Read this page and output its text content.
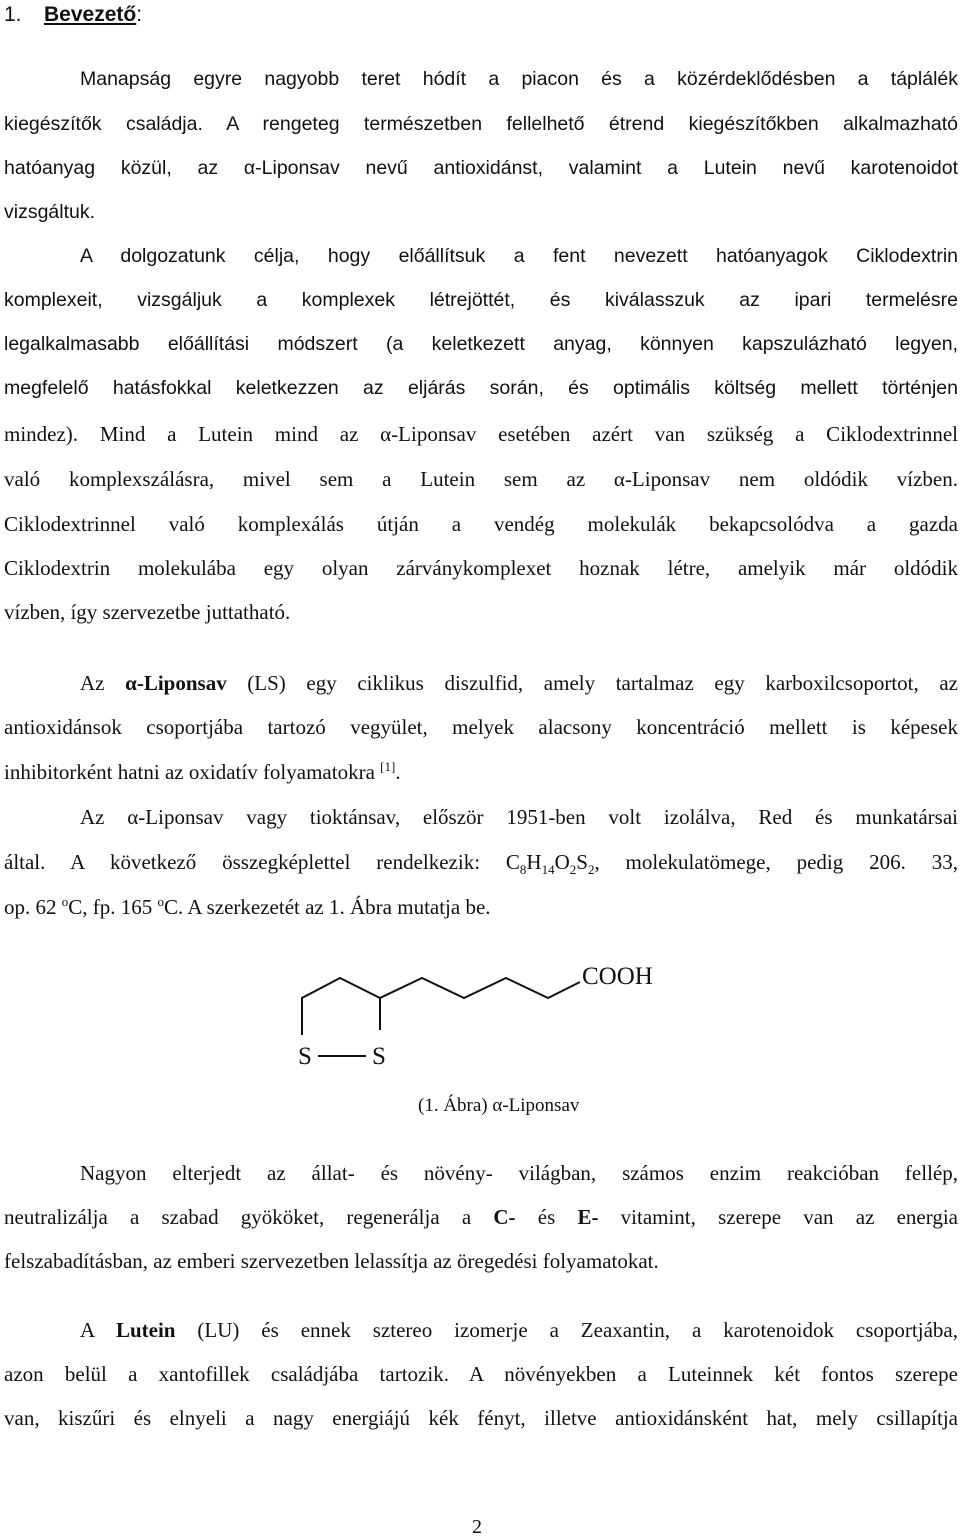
1. Bevezető:
Manapság egyre nagyobb teret hódít a piacon és a közérdeklődésben a táplálék
kiegészítők családja. A rengeteg természetben fellelhető étrend kiegészítőkben alkalmazható
hatóanyag közül, az α-Liponsav nevű antioxidánst, valamint a Lutein nevű karotenoidot
vizsgáltuk.
A dolgozatunk célja, hogy előállítsuk a fent nevezett hatóanyagok Ciklodextrin
komplexeit, vizsgáljuk a komplexek létrejöttét, és kiválasszuk az ipari termelésre
legalkalmasabb előállítási módszert (a keletkezett anyag, könnyen kapszulázható legyen,
megfelelő hatásfokkal keletkezzen az eljárás során, és optimális költség mellett történjen
mindez). Mind a Lutein mind az α-Liponsav esetében azért van szükség a Ciklodextrinnel
való komplexszálásra, mivel sem a Lutein sem az α-Liponsav nem oldódik vízben.
Ciklodextrinnel való komplexálás útján a vendég molekulák bekapcsolódva a gazda
Ciklodextrin molekulába egy olyan zárványkomplexet hoznak létre, amelyik már oldódik
vízben, így szervezetbe juttatható.
Az α-Liponsav (LS) egy ciklikus diszulfid, amely tartalmaz egy karboxilcsoportot, az
antioxidánsok csoportjába tartozó vegyület, melyek alacsony koncentráció mellett is képesek
inhibitorként hatni az oxidatív folyamatokra [1].
Az α-Liponsav vagy tioktánsav, először 1951-ben volt izolálva, Red és munkatársai
által. A következő összegképlettel rendelkezik: $C_8H_{14}O_2S_2$, molekulatömege, pedig 206. 33,
op. 62 $^o$C, fp. 165 $^o$C. A szerkezetét az 1. Ábra mutatja be.
S S
COOH
(1. Ábra) α-Liponsav
Nagyon elterjedt az állat- és növény- világban, számos enzim reakcióban fellép,
neutralizálja a szabad gyököket, regenerálja a C- és E- vitamint, szerepe van az energia
felszabadításban, az emberi szervezetben lelassítja az öregedési folyamatokat.
A Lutein (LU) és ennek sztereo izomerje a Zeaxantin, a karotenoidok csoportjába,
azon belül a xantofillek családjába tartozik. A növényekben a Luteinnek két fontos szerepe
van, kiszűri és elnyeli a nagy energiájú kék fényt, illetve antioxidánsként hat, mely csillapítja
2
